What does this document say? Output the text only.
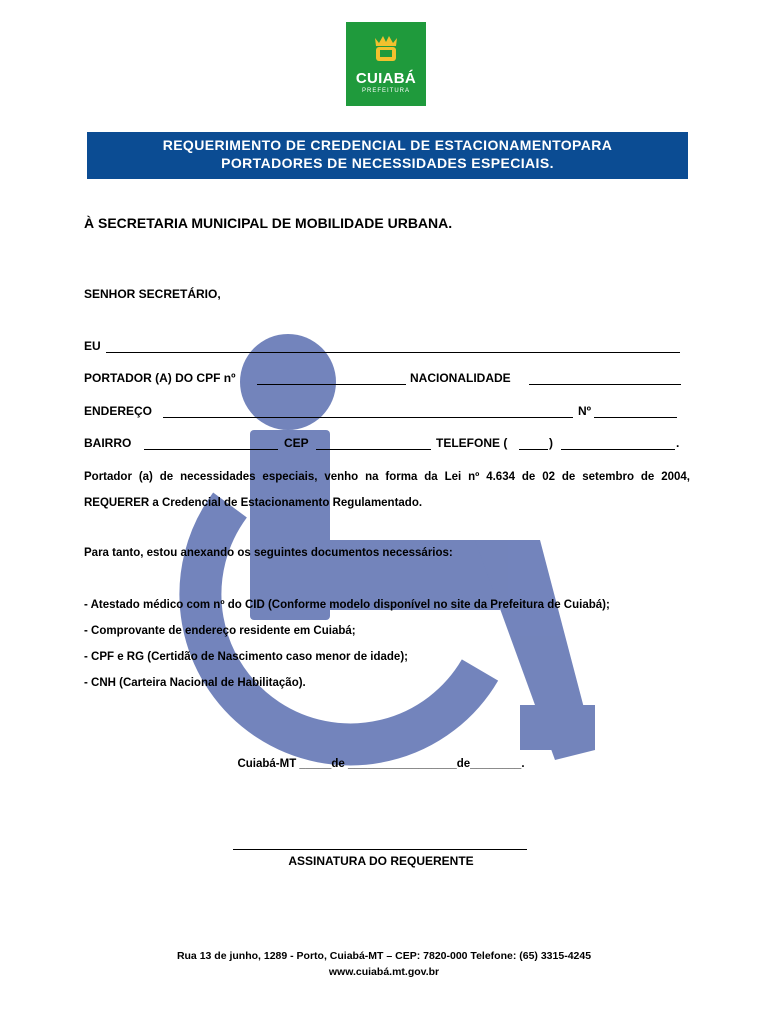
CUIABÁ
PREFEITURA
REQUERIMENTO DE CREDENCIAL DE ESTACIONAMENTOPARA
PORTADORES DE NECESSIDADES ESPECIAIS.
À SECRETARIA MUNICIPAL DE MOBILIDADE URBANA.
SENHOR SECRETÁRIO,
EU
PORTADOR (A) DO CPF nº	NACIONALIDADE
ENDEREÇO	Nº
BAIRRO	CEP	TELEFONE (	)	.
Portador (a) de necessidades especiais, venho na forma da Lei nº 4.634 de 02 de setembro de 2004, REQUERER a Credencial de Estacionamento Regulamentado.
Para tanto, estou anexando os seguintes documentos necessários:
- Atestado médico com nº do CID (Conforme modelo disponível no site da Prefeitura de Cuiabá);
- Comprovante de endereço residente em Cuiabá;
- CPF e RG (Certidão de Nascimento caso menor de idade);
- CNH (Carteira Nacional de Habilitação).
Cuiabá-MT _____de _________________de________.
ASSINATURA DO REQUERENTE
Rua 13 de junho, 1289 - Porto, Cuiabá-MT – CEP: 7820-000 Telefone: (65) 3315-4245
www.cuiabá.mt.gov.br
